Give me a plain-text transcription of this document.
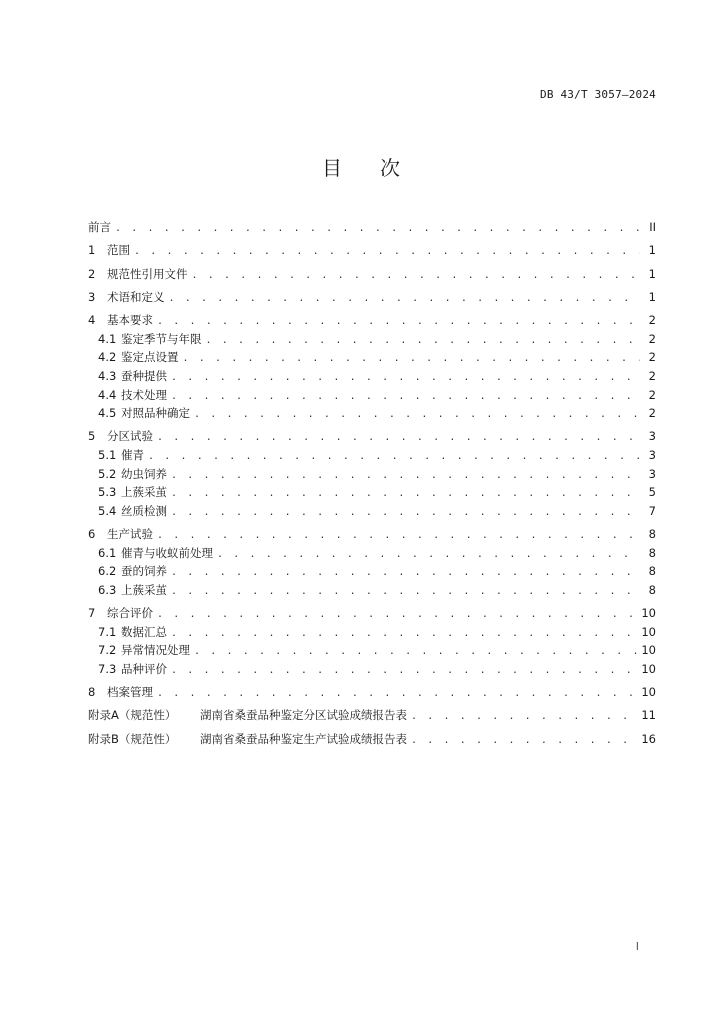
DB 43/T 3057—2024
目 次
前言 . . .	II
1	范围 . . .	1
2	规范性引用文件 . . .	1
3	术语和定义 . . .	1
4	基本要求 . . .	2
4.1 鉴定季节与年限 . . .	2
4.2 鉴定点设置 . . .	2
4.3 蚕种提供 . . .	2
4.4 技术处理 . . .	2
4.5 对照品种确定 . . .	2
5	分区试验 . . .	3
5.1 催青 . . .	3
5.2 幼虫饲养 . . .	3
5.3 上蔟采茧 . . .	5
5.4 丝质检测 . . .	7
6	生产试验 . . .	8
6.1 催青与收蚁前处理 . . .	8
6.2 蚕的饲养 . . .	8
6.3 上蔟采茧 . . .	8
7	综合评价 . . .	10
7.1 数据汇总 . . .	10
7.2 异常情况处理 . . .	10
7.3 品种评价 . . .	10
8	档案管理 . . .	10
附录A（规范性）	湖南省桑蚕品种鉴定分区试验成绩报告表 . . .	11
附录B（规范性）	湖南省桑蚕品种鉴定生产试验成绩报告表 . . .	16
I
